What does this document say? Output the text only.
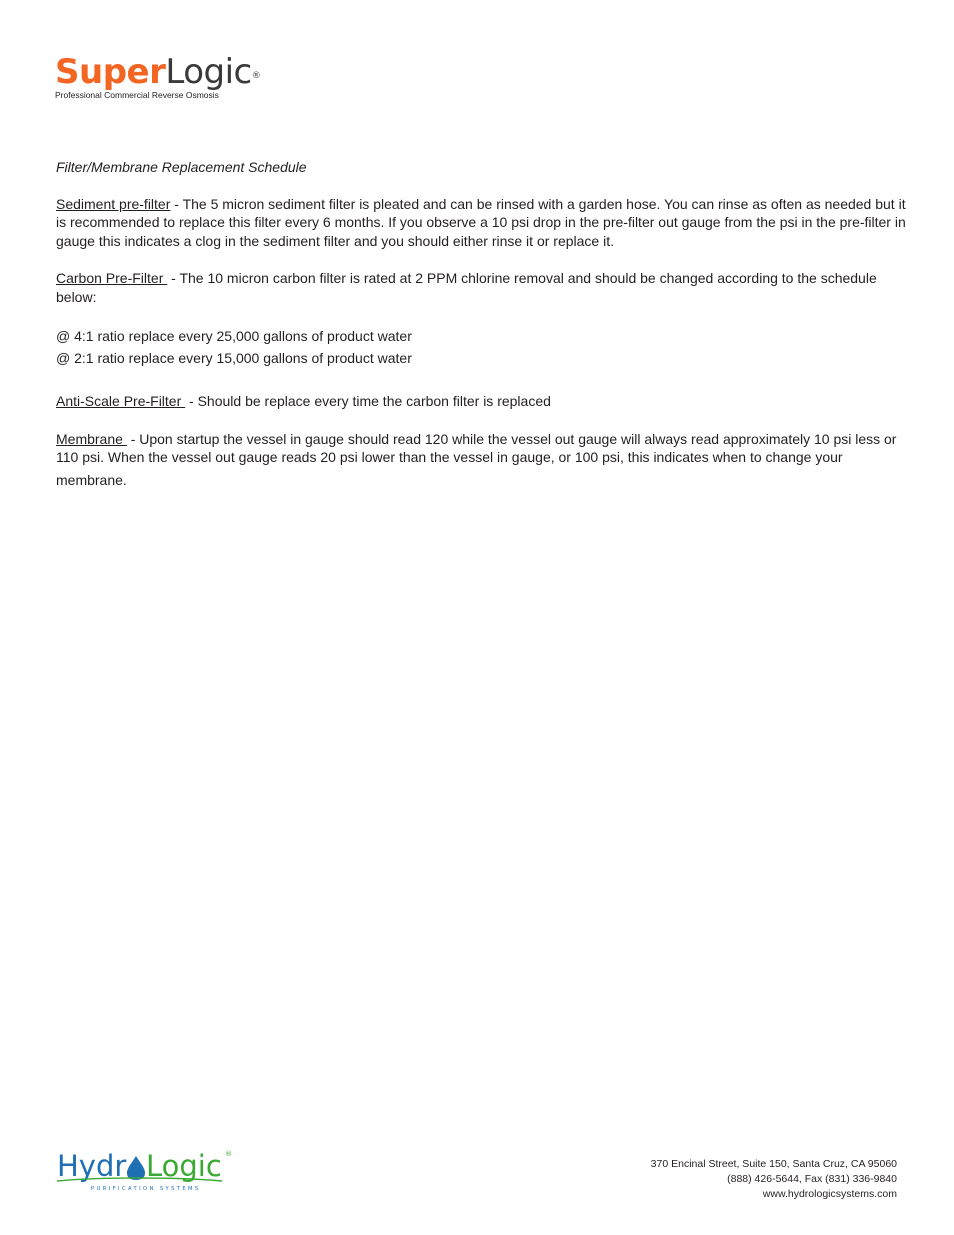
SuperLogic®
Professional Commercial Reverse Osmosis

Filter/Membrane Replacement Schedule

Sediment pre-filter - The 5 micron sediment filter is pleated and can be rinsed with a garden hose. You can rinse as often as needed but it is recommended to replace this filter every 6 months. If you observe a 10 psi drop in the pre-filter out gauge from the psi in the pre-filter in gauge this indicates a clog in the sediment filter and you should either rinse it or replace it.

Carbon Pre-Filter  - The 10 micron carbon filter is rated at 2 PPM chlorine removal and should be changed according to the schedule below:

@ 4:1 ratio replace every 25,000 gallons of product water

@ 2:1 ratio replace every 15,000 gallons of product water

Anti-Scale Pre-Filter  - Should be replace every time the carbon filter is replaced

Membrane  - Upon startup the vessel in gauge should read 120 while the vessel out gauge will always read approximately 10 psi less or 110 psi. When the vessel out gauge reads 20 psi lower than the vessel in gauge, or 100 psi, this indicates when to change your
membrane.

Hydr Logic ®
PURIFICATION SYSTEMS
370 Encinal Street, Suite 150, Santa Cruz, CA 95060
(888) 426-5644, Fax (831) 336-9840
www.hydrologicsystems.com
